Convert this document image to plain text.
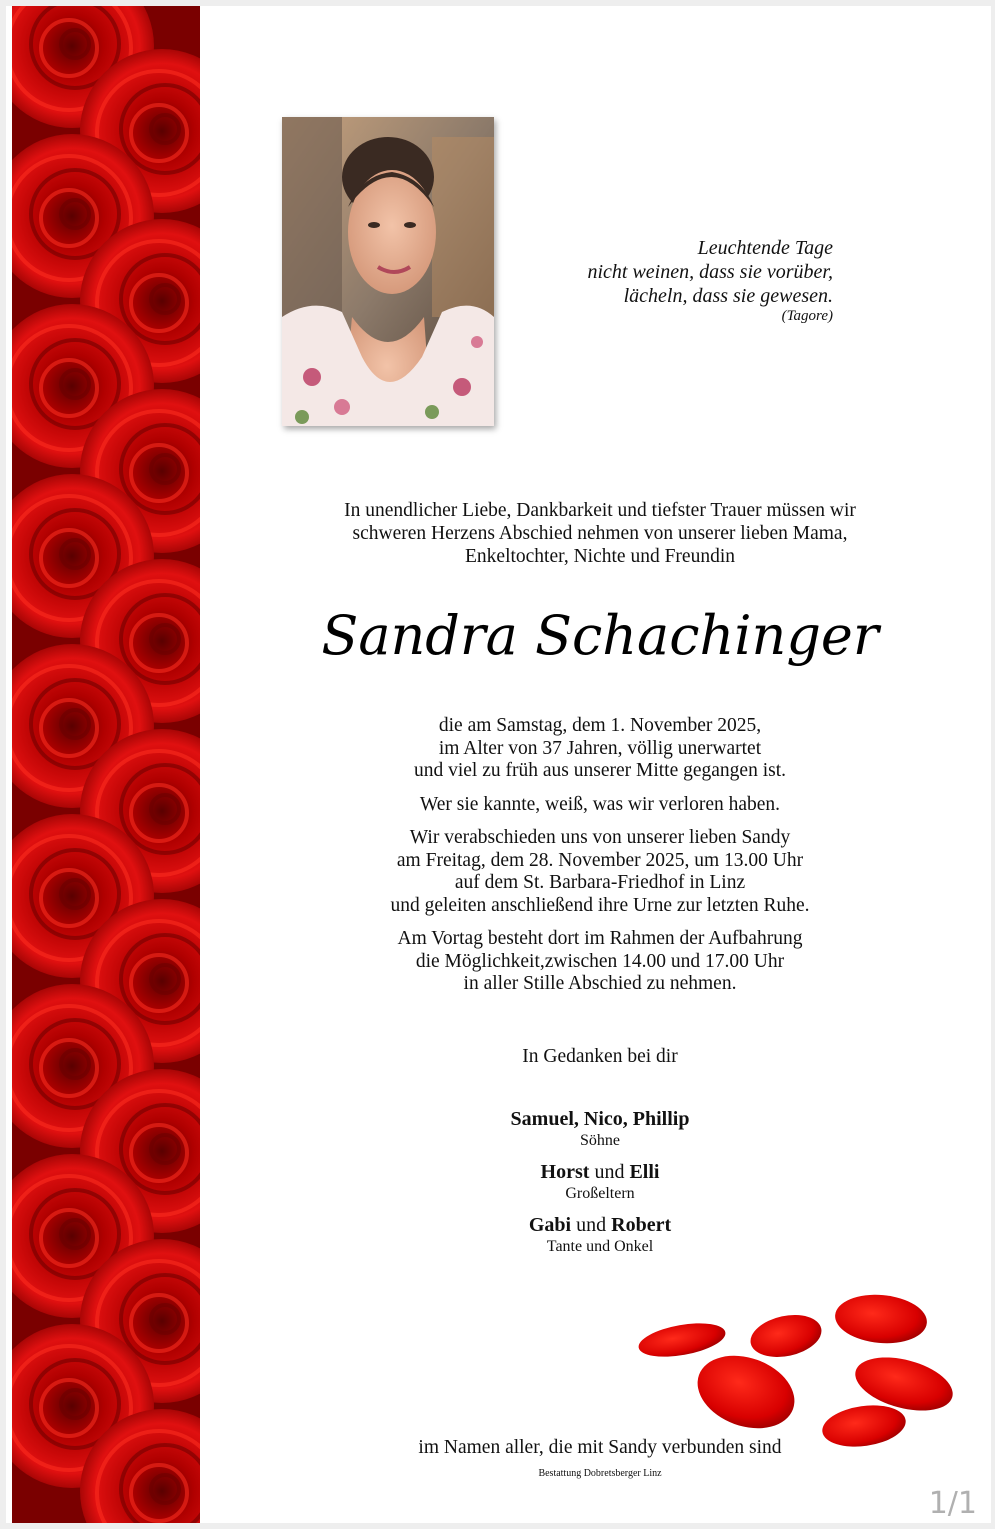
Leuchtende Tage
nicht weinen, dass sie vorüber,
lächeln, dass sie gewesen.
(Tagore)
In unendlicher Liebe, Dankbarkeit und tiefster Trauer müssen wir
schweren Herzens Abschied nehmen von unserer lieben Mama,
Enkeltochter, Nichte und Freundin
Sandra Schachinger
die am Samstag, dem 1. November 2025,
im Alter von 37 Jahren, völlig unerwartet
und viel zu früh aus unserer Mitte gegangen ist.
Wer sie kannte, weiß, was wir verloren haben.
Wir verabschieden uns von unserer lieben Sandy
am Freitag, dem 28. November 2025, um 13.00 Uhr
auf dem St. Barbara-Friedhof in Linz
und geleiten anschließend ihre Urne zur letzten Ruhe.
Am Vortag besteht dort im Rahmen der Aufbahrung
die Möglichkeit,zwischen 14.00 und 17.00 Uhr
in aller Stille Abschied zu nehmen.
In Gedanken bei dir
Samuel, Nico, Phillip
Söhne
Horst und Elli
Großeltern
Gabi und Robert
Tante und Onkel
im Namen aller, die mit Sandy verbunden sind
Bestattung Dobretsberger Linz
1/1
